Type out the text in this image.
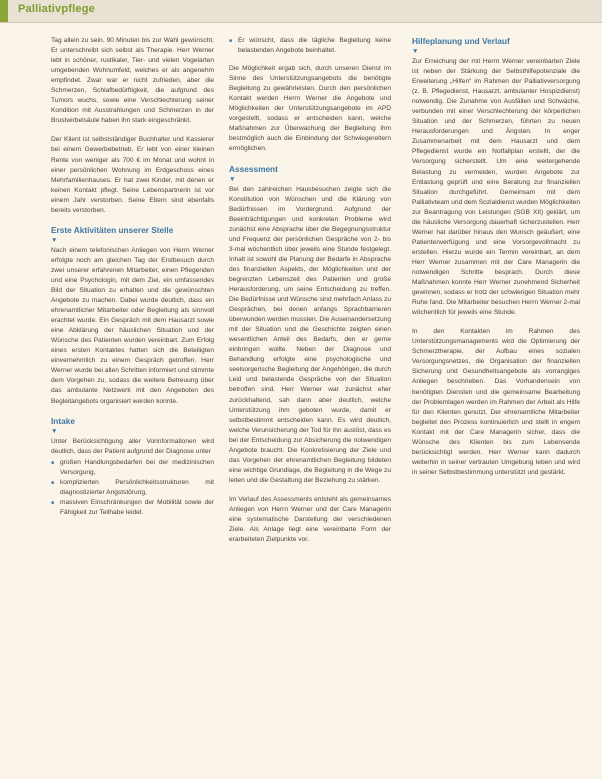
Palliativpflege

Tag allein zu sein. 90 Minuten bis zur Wahl gewünscht. Er unterschreibt sich selbst als Therapie. Herr Werner lebt in schöner, rustikaler, Tier- und vielen Vogelarten umgebenden Wohnumfeld, welches er als angenehm empfindet. Zwar war er nicht zufrieden, aber die Schmerzen, Schlafbedürftigkeit, die aufgrund des Tumors wuchs, sowie eine Verschlechterung seiner Kondition mit Ausstrahlungen und Schmerzen in der Brustwirbelsäule haben ihn stark eingeschränkt.

Der Klient ist selbstständiger Buchhalter und Kassierer bei einem Gewerbebetrieb. Er lebt von einer kleinen Rente von weniger als 700 € im Monat und wohnt in einer persönlichen Wohnung im Erdgeschoss eines Mehrfamilienhauses. Er hat zwei Kinder, mit denen er keinen Kontakt pflegt. Seine Lebenspartnerin ist vor einem Jahr verstorben. Seine Eltern sind ebenfalls bereits verstorben.

Erste Aktivitäten unserer Stelle
▼

Nach einem telefonischen Anliegen von Herrn Werner erfolgte noch am gleichen Tag der Erstbesuch durch zwei unserer erfahrenen Mitarbeiter, einen Pflegenden und eine Psychologin, mit dem Ziel, ein umfassendes Bild der Situation zu erhalten und die gewünschten Angebote zu machen. Dabei wurde deutlich, dass ein ehrenamtlicher Mitarbeiter oder Begleitung als sinnvoll erachtet wurde. Ein Gespräch mit dem Hausarzt sowie eine Abklärung der häuslichen Situation und der Wünsche des Patienten wurden vereinbart. Zum Erfolg eines ersten Kontaktes hatten sich die Beteiligten einvernehmlich zu einem Gespräch getroffen. Herr Werner wurde bei allen Schritten informiert und stimmte dem Vorgehen zu, sodass die weitere Betreuung über das ambulante Netzwerk mit den Angeboten des Begleitangebots organisiert werden konnte.

Intake
▼

Unter Berücksichtigung aller Vorinformationen wird deutlich, dass der Patient aufgrund der Diagnose unter

■ großen Handlungsbedarfen bei der medizinischen Versorgung,
■ komplizierten Persönlichkeitsstrukturen mit diagnostizierter Angststörung,
■ massiven Einschränkungen der Mobilität sowie der Fähigkeit zur Teilhabe leidet.
■ Er wünscht, dass die tägliche Begleitung keine belastenden Angebote beinhaltet.

Die Möglichkeit ergab sich, durch unseren Dienst im Sinne des Unterstützungsangebots die benötigte Begleitung zu gewährleisten. Durch den persönlichen Kontakt werden Herrn Werner die Angebote und Möglichkeiten der Unterstützungsangebote im APD vorgestellt, sodass er entscheiden kann, welche Maßnahmen zur Überwachung der Begleitung ihm bestmöglich auch die Einbindung der Schwiegereltern ermöglichen.

Assessment
▼

Bei den zahlreichen Hausbesuchen zeigte sich die Konstitution von Wünschen und die Klärung von Bedürfnissen im Vordergrund. Aufgrund der Beeinträchtigungen und konkreten Probleme wird zunächst eine Absprache über die Begegnungsstruktur und Frequenz der persönlichen Gespräche von 2- bis 3-mal wöchentlich über jeweils eine Stunde festgelegt. Inhalt ist sowohl die Planung der Bedarfe in Absprache des finanziellen Aspekts, der Möglichkeiten und der begrenzten Lebenszeit des Patienten und große Herausforderung, um seine Entscheidung zu treffen. Die Bedürfnisse und Wünsche sind mehrfach Anlass zu Gesprächen, bei denen anfangs Sprachbarrieren überwunden werden mussten. Die Auseinandersetzung mit der Situation und die Geschichte zeigten einen wesentlichen Anteil des Bedarfs, den er gerne einbringen wollte. Neben der Diagnose und Behandlung erfolgte eine psychologische und seelsorgerische Begleitung der Angehörigen, die durch Leid und belastende Gespräche von der Situation betroffen sind. Herr Werner war zunächst eher zurückhaltend, sah dann aber deutlich, welche Unterstützung ihm geboten wurde, damit er selbstbestimmt entscheiden kann. Es wird deutlich, welche Verunsicherung der Tod für ihn auslöst, dass es bei der Entscheidung zur Absicherung die notwendigen Angebote braucht. Die Konkretisierung der Ziele und das Vorgehen der ehrenamtlichen Begleitung bildeten eine wichtige Grundlage, die Begleitung in die Wege zu leiten und die Gestaltung der Beziehung zu stärken.

Im Verlauf des Assessments entsteht als gemeinsames Anliegen von Herrn Werner und der Care Managerin eine systematische Darstellung der verschiedenen Ziele. Als Anlage liegt eine vereinbarte Form der erarbeiteten Zielpunkte vor.

Hilfeplanung und Verlauf
▼

Zur Erreichung der mit Herrn Werner vereinbarten Ziele ist neben der Stärkung der Selbsthilfepotenziale die Erweiterung „Hilfen“ im Rahmen der Palliativversorgung (z. B. Pflegedienst, Hausarzt, ambulanter Hospizdienst) notwendig. Die Zunahme von Ausfällen und Schwäche, verbunden mit einer Verschlechterung der körperlichen Situation und der Schmerzen, führten zu neuen Herausforderungen und Ängsten. In enger Zusammenarbeit mit dem Hausarzt und dem Pflegedienst wurde ein Notfallplan erstellt, der die Versorgung sicherstellt. Um eine weitergehende Belastung zu vermeiden, wurden Angebote zur Entlastung geprüft und eine Beratung zur finanziellen Situation durchgeführt. Gemeinsam mit dem Palliativteam und dem Sozialdienst wurden Möglichkeiten zur Beantragung von Leistungen (SGB XII) geklärt, um die häusliche Versorgung dauerhaft sicherzustellen. Herr Werner hat darüber hinaus den Wunsch geäußert, eine Patientenverfügung und eine Vorsorgevollmacht zu erstellen. Hierzu wurde ein Termin vereinbart, an dem Herr Werner zusammen mit der Care Managerin die notwendigen Schritte besprach. Durch diese Maßnahmen konnte Herr Werner zunehmend Sicherheit gewinnen, sodass er trotz der schwierigen Situation mehr Ruhe fand. Die Mitarbeiter besuchen Herrn Werner 2-mal wöchentlich für jeweils eine Stunde.

In den Kontakten im Rahmen des Unterstützungsmanagements wird die Optimierung der Schmerztherapie, der Aufbau eines sozialen Versorgungsnetzes, die Organisation der finanziellen Sicherung und Gesundheitsangebote als vorrangiges Anliegen beschrieben. Das Vorhandensein von benötigten Diensten und die gemeinsame Bearbeitung der Problemlagen werden im Rahmen der Arbeit als Hilfe für den Klienten genutzt. Der ehrenamtliche Mitarbeiter begleitet den Prozess kontinuierlich und stellt in engem Kontakt mit der Care Managerin sicher, dass die Wünsche des Klienten bis zum Lebensende berücksichtigt werden. Herr Werner kann dadurch weiterhin in seiner vertrauten Umgebung leben und wird in seiner Selbstbestimmung unterstützt und gestärkt.
